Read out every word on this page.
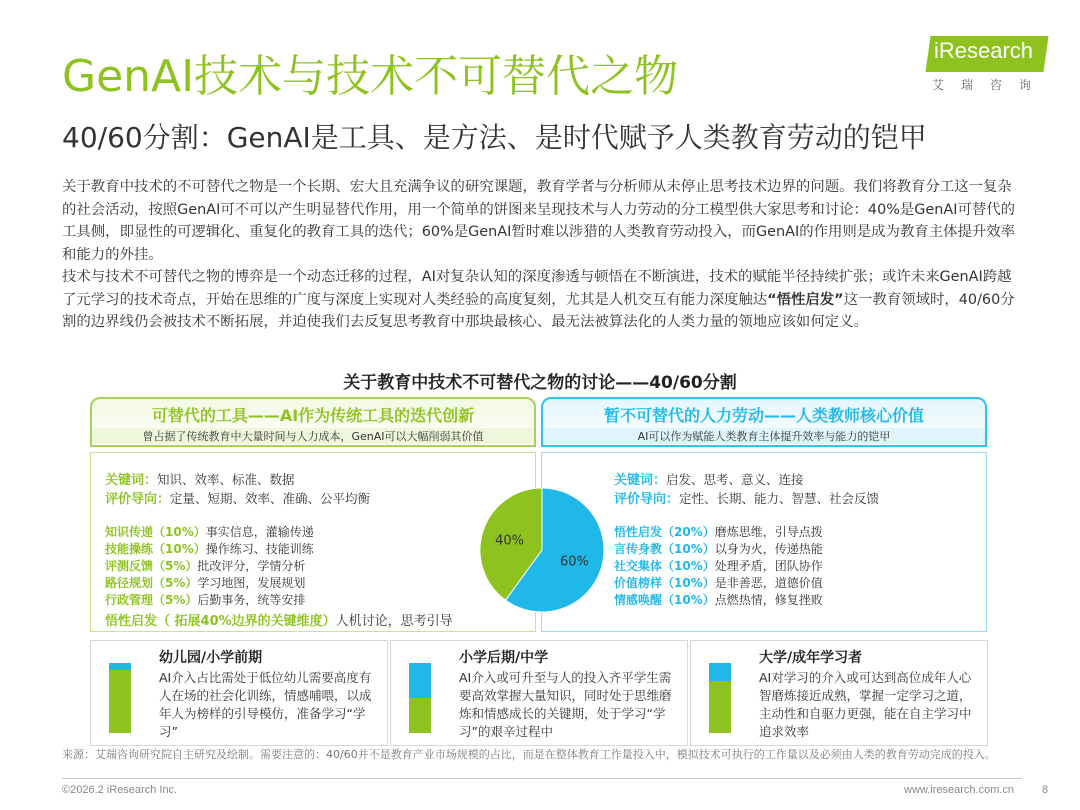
GenAI技术与技术不可替代之物
40/60分割：GenAI是工具、是方法、是时代赋予人类教育劳动的铠甲
iResearch
艾瑞咨询

关于教育中技术的不可替代之物是一个长期、宏大且充满争议的研究课题，教育学者与分析师从未停止思考技术边界的问题。我们将教育分工这一复杂的社会活动，按照GenAI可不可以产生明显替代作用，用一个简单的饼图来呈现技术与人力劳动的分工模型供大家思考和讨论：40%是GenAI可替代的工具侧，即显性的可逻辑化、重复化的教育工具的迭代；60%是GenAI暂时难以涉猎的人类教育劳动投入，而GenAI的作用则是成为教育主体提升效率和能力的外挂。

技术与技术不可替代之物的博弈是一个动态迁移的过程，AI对复杂认知的深度渗透与顿悟在不断演进，技术的赋能半径持续扩张；或许未来GenAI跨越了元学习的技术奇点，开始在思维的广度与深度上实现对人类经验的高度复刻，尤其是人机交互有能力深度触达“悟性启发”这一教育领域时，40/60分割的边界线仍会被技术不断拓展，并迫使我们去反复思考教育中那块最核心、最无法被算法化的人类力量的领地应该如何定义。

关于教育中技术不可替代之物的讨论——40/60分割
可替代的工具——AI作为传统工具的迭代创新
曾占据了传统教育中大量时间与人力成本，GenAI可以大幅削弱其价值
暂不可替代的人力劳动——人类教师核心价值
AI可以作为赋能人类教育主体提升效率与能力的铠甲
关键词：知识、效率、标准、数据
评价导向：定量、短期、效率、准确、公平均衡
知识传递（10%）事实信息，灌输传递
技能操练（10%）操作练习、技能训练
评测反馈（5%）批改评分，学情分析
路径规划（5%）学习地图，发展规划
行政管理（5%）后勤事务，统等安排
悟性启发（ 拓展40%边界的关键维度）人机讨论，思考引导
关键词：启发、思考、意义、连接
评价导向：定性、长期、能力、智慧、社会反馈
悟性启发（20%）磨炼思维，引导点拨
言传身教（10%）以身为火，传递热能
社交集体（10%）处理矛盾，团队协作
价值榜样（10%）是非善恶，道德价值
情感唤醒（10%）点燃热情，修复挫败
40%
60%
幼儿园/小学前期
AI介入占比需处于低位幼儿需要高度有人在场的社会化训练，情感哺喂，以成年人为榜样的引导模仿，准备学习“学习”
小学后期/中学
AI介入或可升至与人的投入齐平学生需要高效掌握大量知识，同时处于思维磨炼和情感成长的关键期，处于学习“学习”的艰辛过程中
大学/成年学习者
AI对学习的介入或可达到高位成年人心智磨炼接近成熟，掌握一定学习之道，主动性和自驱力更强，能在自主学习中追求效率
来源：艾瑞咨询研究院自主研究及绘制。需要注意的：40/60并不是教育产业市场规模的占比，而是在整体教育工作量投入中，模拟技术可执行的工作量以及必须由人类的教育劳动完成的投入。
©2026.2 iResearch Inc.	www.iresearch.com.cn	8
